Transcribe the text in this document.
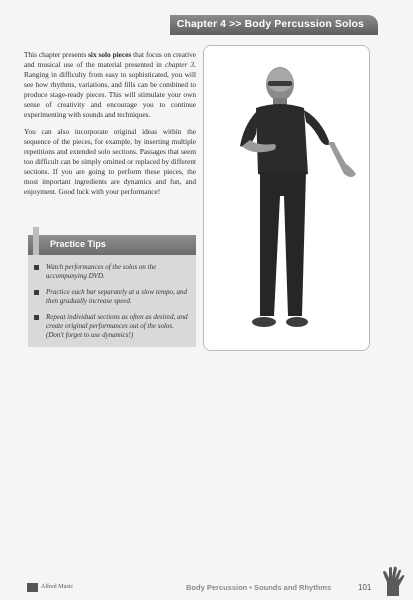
Chapter 4 >> Body Percussion Solos

This chapter presents six solo pieces that focus on creative and musical use of the material presented in chapter 3. Ranging in difficulty from easy to sophisticated, you will see how rhythms, variations, and fills can be combined to produce stage-ready pieces. This will stimulate your own sense of creativity and encourage you to continue experimenting with sounds and techniques.

You can also incorporate original ideas within the sequence of the pieces, for example, by inserting multiple repetitions and extended solo sections. Passages that seem too difficult can be simply omitted or replaced by different sections. If you are going to perform these pieces, the most important ingredients are dynamics and fun, and enjoyment. Good luck with your performance!

Practice Tips
Watch performances of the solos on the accompanying DVD.
Practice each bar separately at a slow tempo, and then gradually increase speed.
Repeat individual sections as often as desired, and create original performances out of the solos. (Don't forget to use dynamics!)
Alfred Music	Body Percussion • Sounds and Rhythms	101
